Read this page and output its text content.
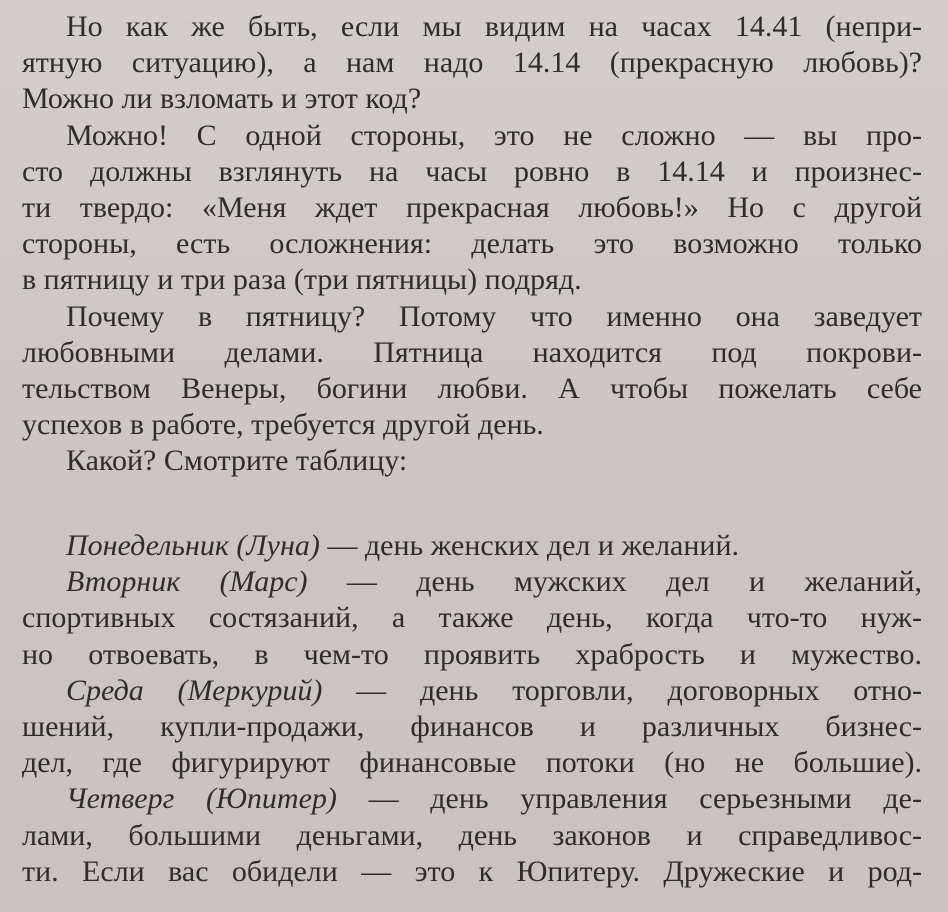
Но как же быть, если мы видим на часах 14.41 (непри-
ятную ситуацию), а нам надо 14.14 (прекрасную любовь)?
Можно ли взломать и этот код?
Можно! С одной стороны, это не сложно — вы про-
сто должны взглянуть на часы ровно в 14.14 и произнес-
ти твердо: «Меня ждет прекрасная любовь!» Но с другой
стороны, есть осложнения: делать это возможно только
в пятницу и три раза (три пятницы) подряд.
Почему в пятницу? Потому что именно она заведует
любовными делами. Пятница находится под покрови-
тельством Венеры, богини любви. А чтобы пожелать себе
успехов в работе, требуется другой день.
Какой? Смотрите таблицу:
Понедельник (Луна) — день женских дел и желаний.
Вторник (Марс) — день мужских дел и желаний,
спортивных состязаний, а также день, когда что-то нуж-
но отвоевать, в чем-то проявить храбрость и мужество.
Среда (Меркурий) — день торговли, договорных отно-
шений, купли-продажи, финансов и различных бизнес-
дел, где фигурируют финансовые потоки (но не большие).
Четверг (Юпитер) — день управления серьезными де-
лами, большими деньгами, день законов и справедливос-
ти. Если вас обидели — это к Юпитеру. Дружеские и род-
